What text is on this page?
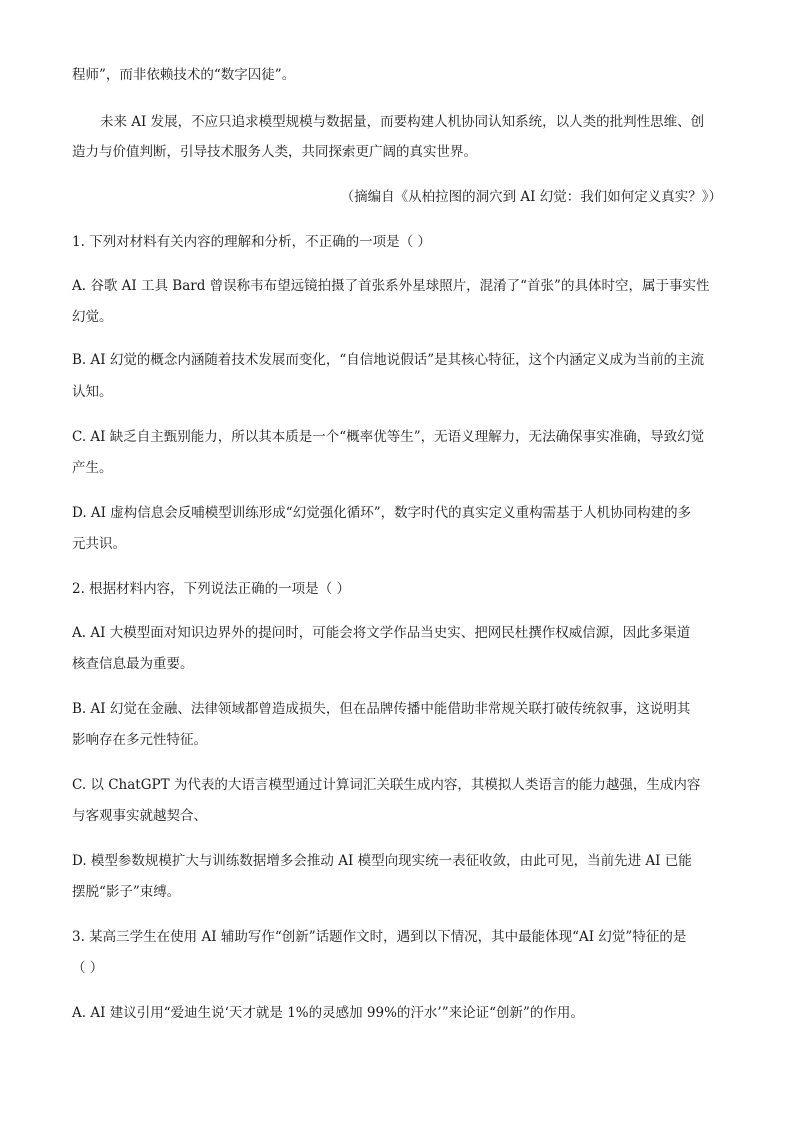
程师”，而非依赖技术的“数字囚徒”。
未来 AI 发展，不应只追求模型规模与数据量，而要构建人机协同认知系统，以人类的批判性思维、创
造力与价值判断，引导技术服务人类，共同探索更广阔的真实世界。
（摘编自《从柏拉图的洞穴到 AI 幻觉：我们如何定义真实？》）
1. 下列对材料有关内容的理解和分析，不正确的一项是（ ）
A. 谷歌 AI 工具 Bard 曾误称韦布望远镜拍摄了首张系外星球照片，混淆了“首张”的具体时空，属于事实性
幻觉。
B. AI 幻觉的概念内涵随着技术发展而变化，“自信地说假话”是其核心特征，这个内涵定义成为当前的主流
认知。
C. AI 缺乏自主甄别能力，所以其本质是一个“概率优等生”，无语义理解力，无法确保事实准确，导致幻觉
产生。
D. AI 虚构信息会反哺模型训练形成“幻觉强化循环”，数字时代的真实定义重构需基于人机协同构建的多
元共识。
2. 根据材料内容，下列说法正确的一项是（ ）
A. AI 大模型面对知识边界外的提问时，可能会将文学作品当史实、把网民杜撰作权威信源，因此多渠道
核查信息最为重要。
B. AI 幻觉在金融、法律领域都曾造成损失，但在品牌传播中能借助非常规关联打破传统叙事，这说明其
影响存在多元性特征。
C. 以 ChatGPT 为代表的大语言模型通过计算词汇关联生成内容，其模拟人类语言的能力越强，生成内容
与客观事实就越契合、
D. 模型参数规模扩大与训练数据增多会推动 AI 模型向现实统一表征收敛，由此可见，当前先进 AI 已能
摆脱“影子”束缚。
3. 某高三学生在使用 AI 辅助写作“创新”话题作文时，遇到以下情况，其中最能体现“AI 幻觉”特征的是
（ ）
A. AI 建议引用“爱迪生说‘天才就是 1%的灵感加 99%的汗水’”来论证“创新”的作用。
